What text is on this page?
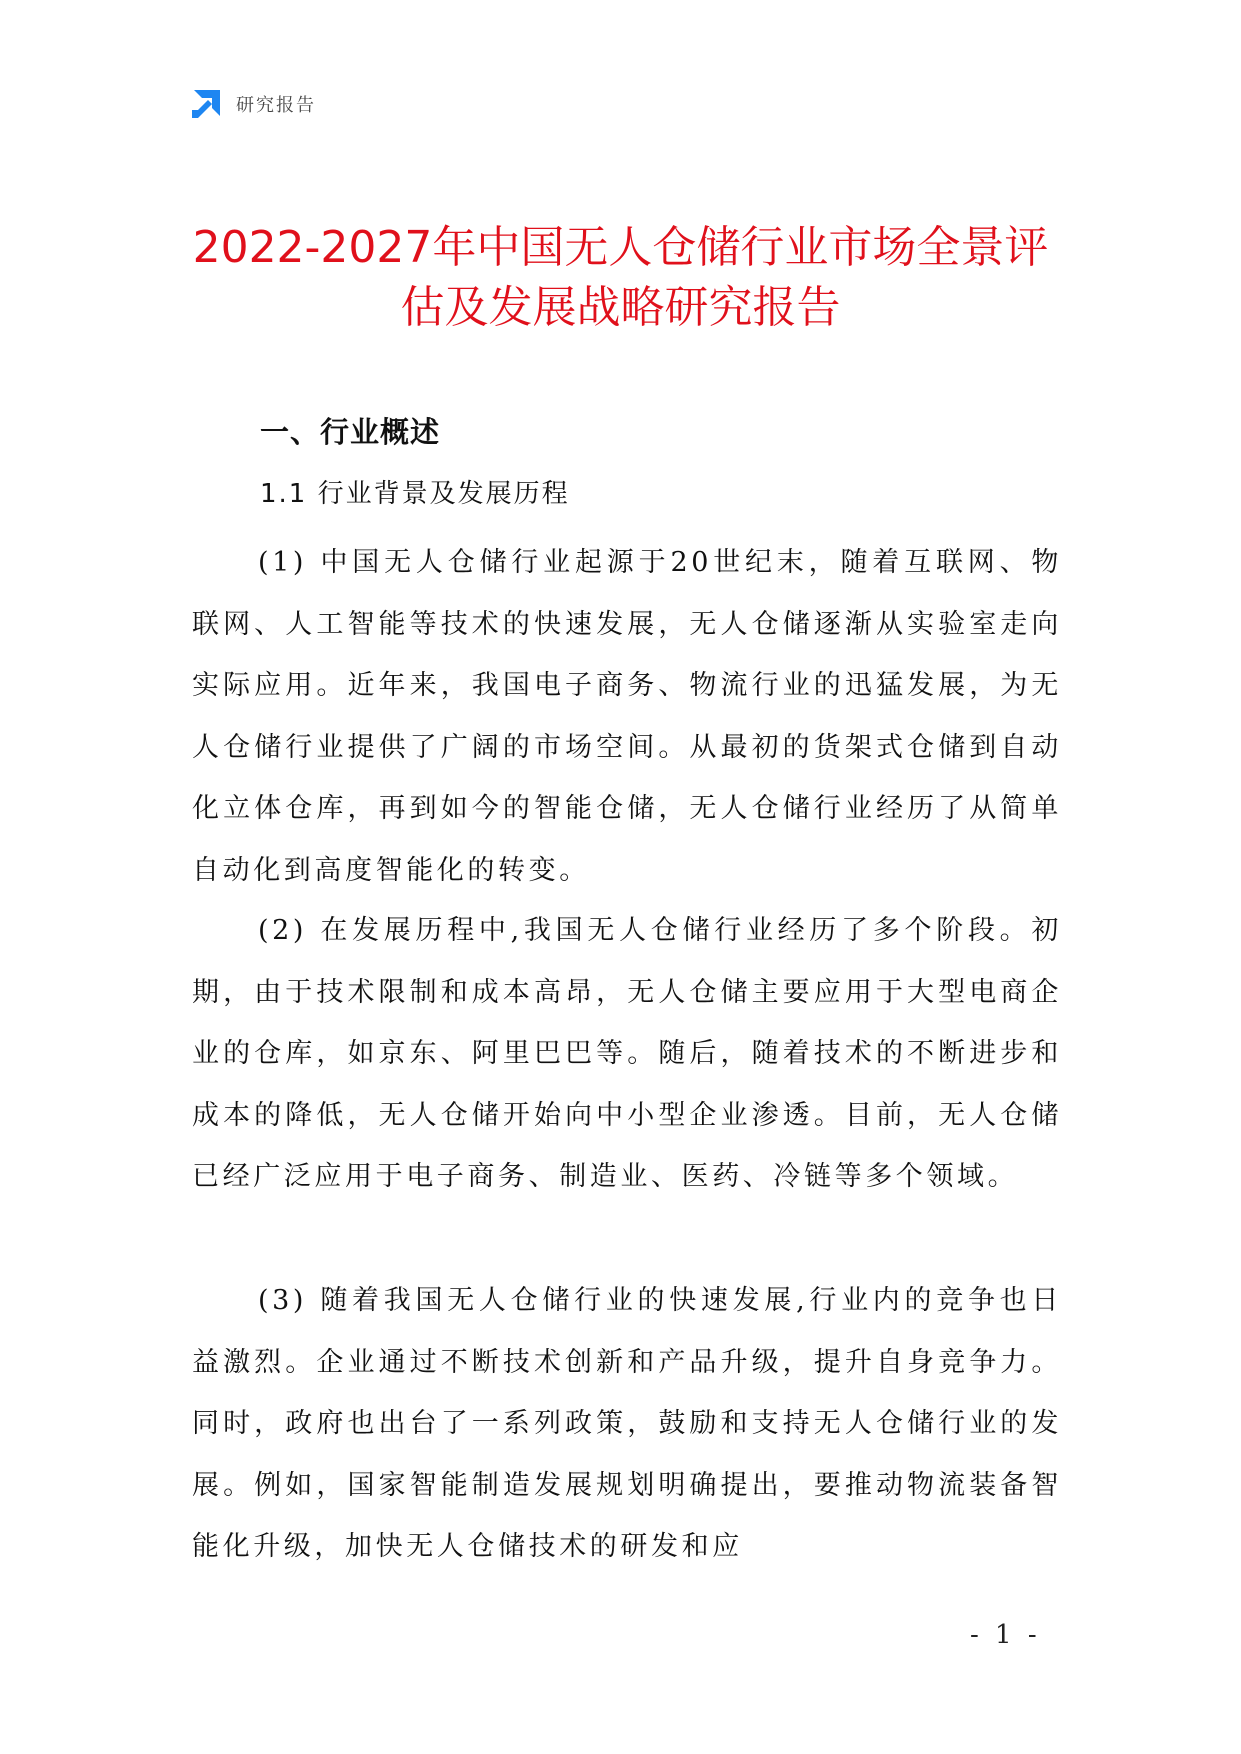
研究报告
2022-2027年中国无人仓储行业市场全景评
估及发展战略研究报告
一、行业概述
1.1 行业背景及发展历程

(1) 中国无人仓储行业起源于20世纪末，随着互联网、物联网、人工智能等技术的快速发展，无人仓储逐渐从实验室走向实际应用。近年来，我国电子商务、物流行业的迅猛发展，为无人仓储行业提供了广阔的市场空间。从最初的货架式仓储到自动化立体仓库，再到如今的智能仓储，无人仓储行业经历了从简单自动化到高度智能化的转变。

(2) 在发展历程中,我国无人仓储行业经历了多个阶段。初期，由于技术限制和成本高昂，无人仓储主要应用于大型电商企业的仓库，如京东、阿里巴巴等。随后，随着技术的不断进步和成本的降低，无人仓储开始向中小型企业渗透。目前，无人仓储已经广泛应用于电子商务、制造业、医药、冷链等多个领域。

(3) 随着我国无人仓储行业的快速发展,行业内的竞争也日益激烈。企业通过不断技术创新和产品升级，提升自身竞争力。同时，政府也出台了一系列政策，鼓励和支持无人仓储行业的发展。例如，国家智能制造发展规划明确提出，要推动物流装备智能化升级，加快无人仓储技术的研发和应

- 1 -
